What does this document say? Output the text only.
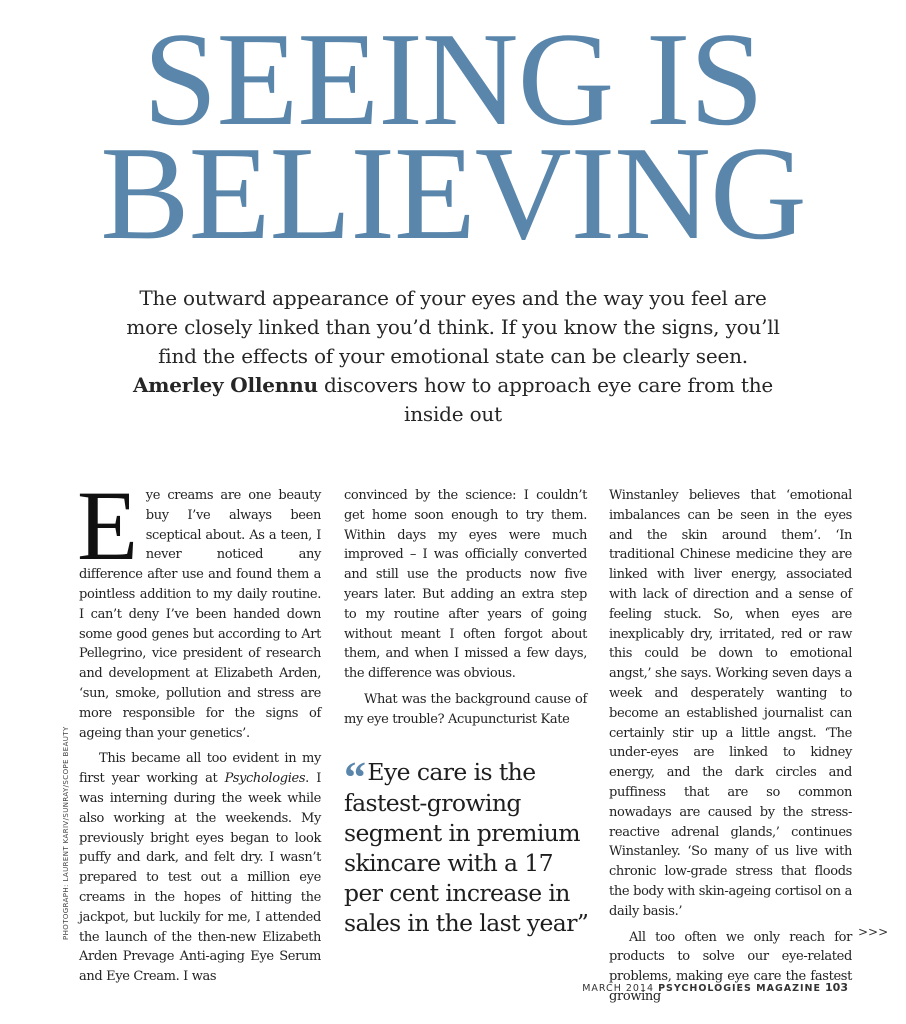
SEEING IS
BELIEVING

The outward appearance of your eyes and the way you feel are more closely linked than you’d think. If you know the signs, you’ll find the effects of your emotional state can be clearly seen. Amerley Ollennu discovers how to approach eye care from the inside out

PHOTOGRAPH: LAURENT KARIV/SUNRAY/SCOPE BEAUTY

E ye creams are one beauty buy I’ve always been sceptical about. As a teen, I never noticed any difference after use and found them a pointless addition to my daily routine. I can’t deny I’ve been handed down some good genes but according to Art Pellegrino, vice president of research and development at Elizabeth Arden, ‘sun, smoke, pollution and stress are more responsible for the signs of ageing than your genetics’.

This became all too evident in my first year working at Psychologies. I was interning during the week while also working at the weekends. My previously bright eyes began to look puffy and dark, and felt dry. I wasn’t prepared to test out a million eye creams in the hopes of hitting the jackpot, but luckily for me, I attended the launch of the then-new Elizabeth Arden Prevage Anti-aging Eye Serum and Eye Cream. I was

convinced by the science: I couldn’t get home soon enough to try them. Within days my eyes were much improved – I was officially converted and still use the products now five years later. But adding an extra step to my routine after years of going without meant I often forgot about them, and when I missed a few days, the difference was obvious.

What was the background cause of my eye trouble? Acupuncturist Kate

“Eye care is the fastest-growing segment in premium skincare with a 17 per cent increase in sales in the last year”

Winstanley believes that ‘emotional imbalances can be seen in the eyes and the skin around them’. ‘In traditional Chinese medicine they are linked with liver energy, associated with lack of direction and a sense of feeling stuck. So, when eyes are inexplicably dry, irritated, red or raw this could be down to emotional angst,’ she says. Working seven days a week and desperately wanting to become an established journalist can certainly stir up a little angst. ‘The under-eyes are linked to kidney energy, and the dark circles and puffiness that are so common nowadays are caused by the stress-reactive adrenal glands,’ continues Winstanley. ‘So many of us live with chronic low-grade stress that floods the body with skin-ageing cortisol on a daily basis.’

All too often we only reach for products to solve our eye-related problems, making eye care the fastest growing

>>>
MARCH 2014 PSYCHOLOGIES MAGAZINE 103
